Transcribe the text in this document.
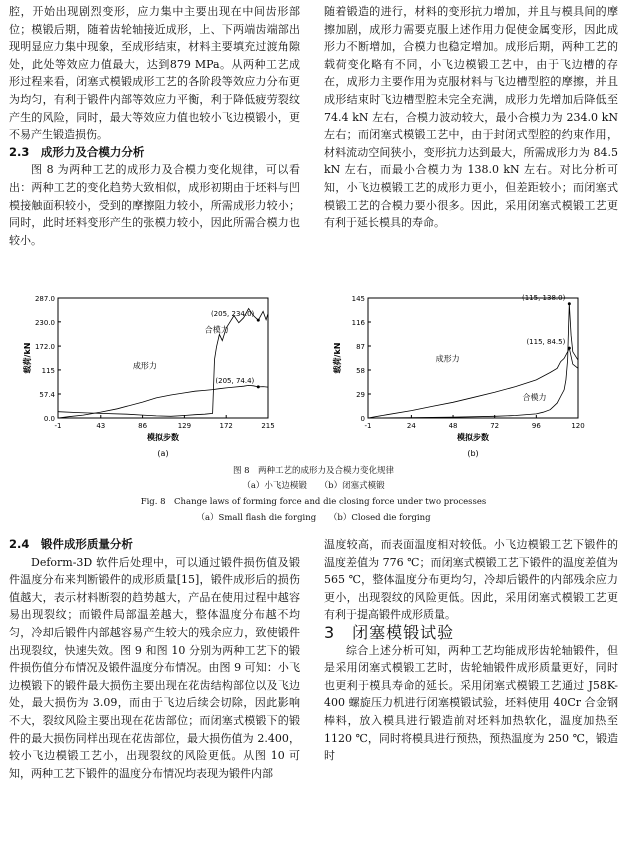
腔，开始出现剧烈变形，应力集中主要出现在中间齿形部位；模锻后期，随着齿轮轴接近成形，上、下两端齿端部出现明显应力集中现象，至成形结束，材料主要填充过渡角隙处，此处等效应力值最大，达到879 MPa。从两种工艺成形过程来看，闭塞式模锻成形工艺的各阶段等效应力分布更为均匀，有利于锻件内部等效应力平衡，利于降低疲劳裂纹产生的风险，同时，最大等效应力值也较小飞边模锻小，更不易产生锻造损伤。

2.3　成形力及合模力分析

图 8 为两种工艺的成形力及合模力变化规律，可以看出：两种工艺的变化趋势大致相似，成形初期由于坯料与凹模接触面积较小，受到的摩擦阻力较小，所需成形力较小；同时，此时坯料变形产生的张模力较小，因此所需合模力也较小。

随着锻造的进行，材料的变形抗力增加，并且与模具间的摩擦加剧，成形力需要克服上述作用力促使金属变形，因此成形力不断增加，合模力也稳定增加。成形后期，两种工艺的载荷变化略有不同，小飞边模锻工艺中，由于飞边槽的存在，成形力主要作用为克服材料与飞边槽型腔的摩擦，并且成形结束时飞边槽型腔未完全充满，成形力先增加后降低至 74.4 kN 左右，合模力波动较大，最小合模力为 234.0 kN 左右；而闭塞式模锻工艺中，由于封闭式型腔的约束作用，材料流动空间狭小，变形抗力达到最大，所需成形力为 84.5 kN 左右，而最小合模力为 138.0 kN 左右。对比分析可知，小飞边模锻工艺的成形力更小，但差距较小；而闭塞式模锻工艺的合模力要小很多。因此，采用闭塞式模锻工艺更有利于延长模具的寿命。

0.0
57.4
115
172.0
230.0
287.0
-1	43	86	129	172	215
模拟步数
载荷/kN	成形力
合模力
(205, 234.0)
(205, 74.4)
(a)
0
29
58
87
116
145
-1	24	48	72	96	120
模拟步数
载荷/kN	成形力
合模力
(115, 138.0)
(115, 84.5)
(b)
图 8　两种工艺的成形力及合模力变化规律
（a）小飞边模锻　　（b）闭塞式模锻
Fig. 8　Change laws of forming force and die closing force under two processes
（a）Small flash die forging　　（b）Closed die forging

2.4　锻件成形质量分析

Deform-3D 软件后处理中，可以通过锻件损伤值及锻件温度分布来判断锻件的成形质量[15]，锻件成形后的损伤值越大，表示材料断裂的趋势越大，产品在使用过程中越容易出现裂纹；而锻件局部温差越大，整体温度分布越不均匀，冷却后锻件内部越容易产生较大的残余应力，致使锻件出现裂纹，快速失效。图 9 和图 10 分别为两种工艺下的锻件损伤值分布情况及锻件温度分布情况。由图 9 可知：小飞边模锻下的锻件最大损伤主要出现在花齿结构部位以及飞边处，最大损伤为 3.09，而由于飞边后续会切除，因此影响不大，裂纹风险主要出现在花齿部位；而闭塞式模锻下的锻件的最大损伤同样出现在花齿部位，最大损伤值为 2.400，较小飞边模锻工艺小，出现裂纹的风险更低。从图 10 可知，两种工艺下锻件的温度分布情况均表现为锻件内部

温度较高，而表面温度相对较低。小飞边模锻工艺下锻件的温度差值为 776 ℃；而闭塞式模锻工艺下锻件的温度差值为 565 ℃，整体温度分布更均匀，冷却后锻件的内部残余应力更小，出现裂纹的风险更低。因此，采用闭塞式模锻工艺更有利于提高锻件成形质量。

3　闭塞模锻试验

综合上述分析可知，两种工艺均能成形齿轮轴锻件，但是采用闭塞式模锻工艺时，齿轮轴锻件成形质量更好，同时也更利于模具寿命的延长。采用闭塞式模锻工艺通过 J58K-400 螺旋压力机进行闭塞模锻试验，坯料使用 40Cr 合金钢棒料，放入模具进行锻造前对坯料加热软化，温度加热至 1120 ℃，同时将模具进行预热，预热温度为 250 ℃，锻造时
